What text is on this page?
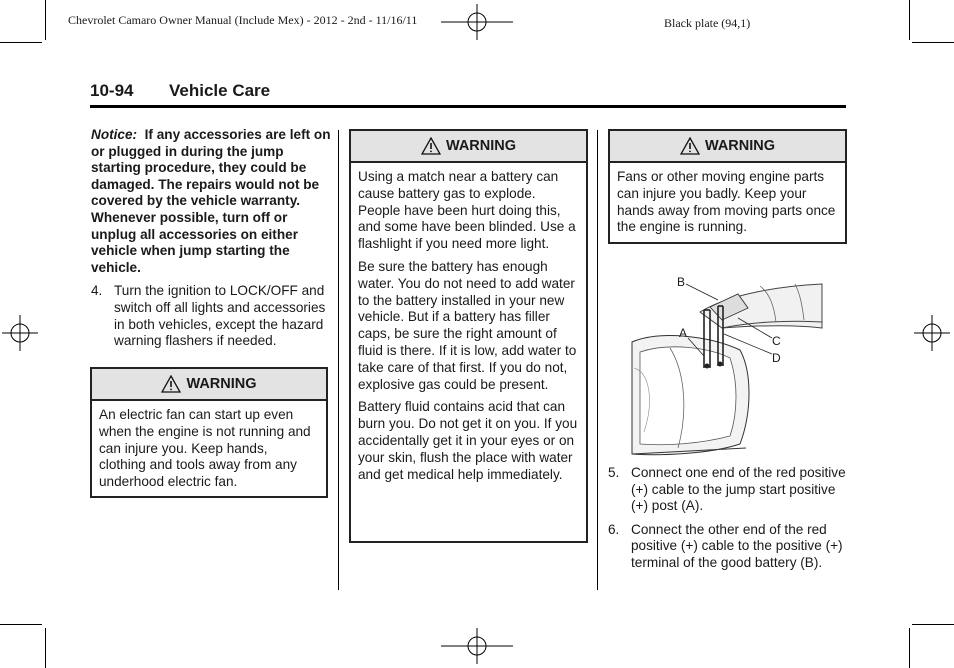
Chevrolet Camaro Owner Manual (Include Mex) - 2012 - 2nd - 11/16/11	Black plate (94,1)
10-94 Vehicle Care
Notice: If any accessories are left on or plugged in during the jump starting procedure, they could be damaged. The repairs would not be covered by the vehicle warranty. Whenever possible, turn off or unplug all accessories on either vehicle when jump starting the vehicle.
4. Turn the ignition to LOCK/OFF and switch off all lights and accessories in both vehicles, except the hazard warning flashers if needed.
WARNING

An electric fan can start up even when the engine is not running and can injure you. Keep hands, clothing and tools away from any underhood electric fan.

WARNING

Using a match near a battery can cause battery gas to explode. People have been hurt doing this, and some have been blinded. Use a flashlight if you need more light.

Be sure the battery has enough water. You do not need to add water to the battery installed in your new vehicle. But if a battery has filler caps, be sure the right amount of fluid is there. If it is low, add water to take care of that first. If you do not, explosive gas could be present.

Battery fluid contains acid that can burn you. Do not get it on you. If you accidentally get it in your eyes or on your skin, flush the place with water and get medical help immediately.

WARNING

Fans or other moving engine parts can injure you badly. Keep your hands away from moving parts once the engine is running.

B
A
C
D
5. Connect one end of the red positive (+) cable to the jump start positive (+) post (A).
6. Connect the other end of the red positive (+) cable to the positive (+) terminal of the good battery (B).
